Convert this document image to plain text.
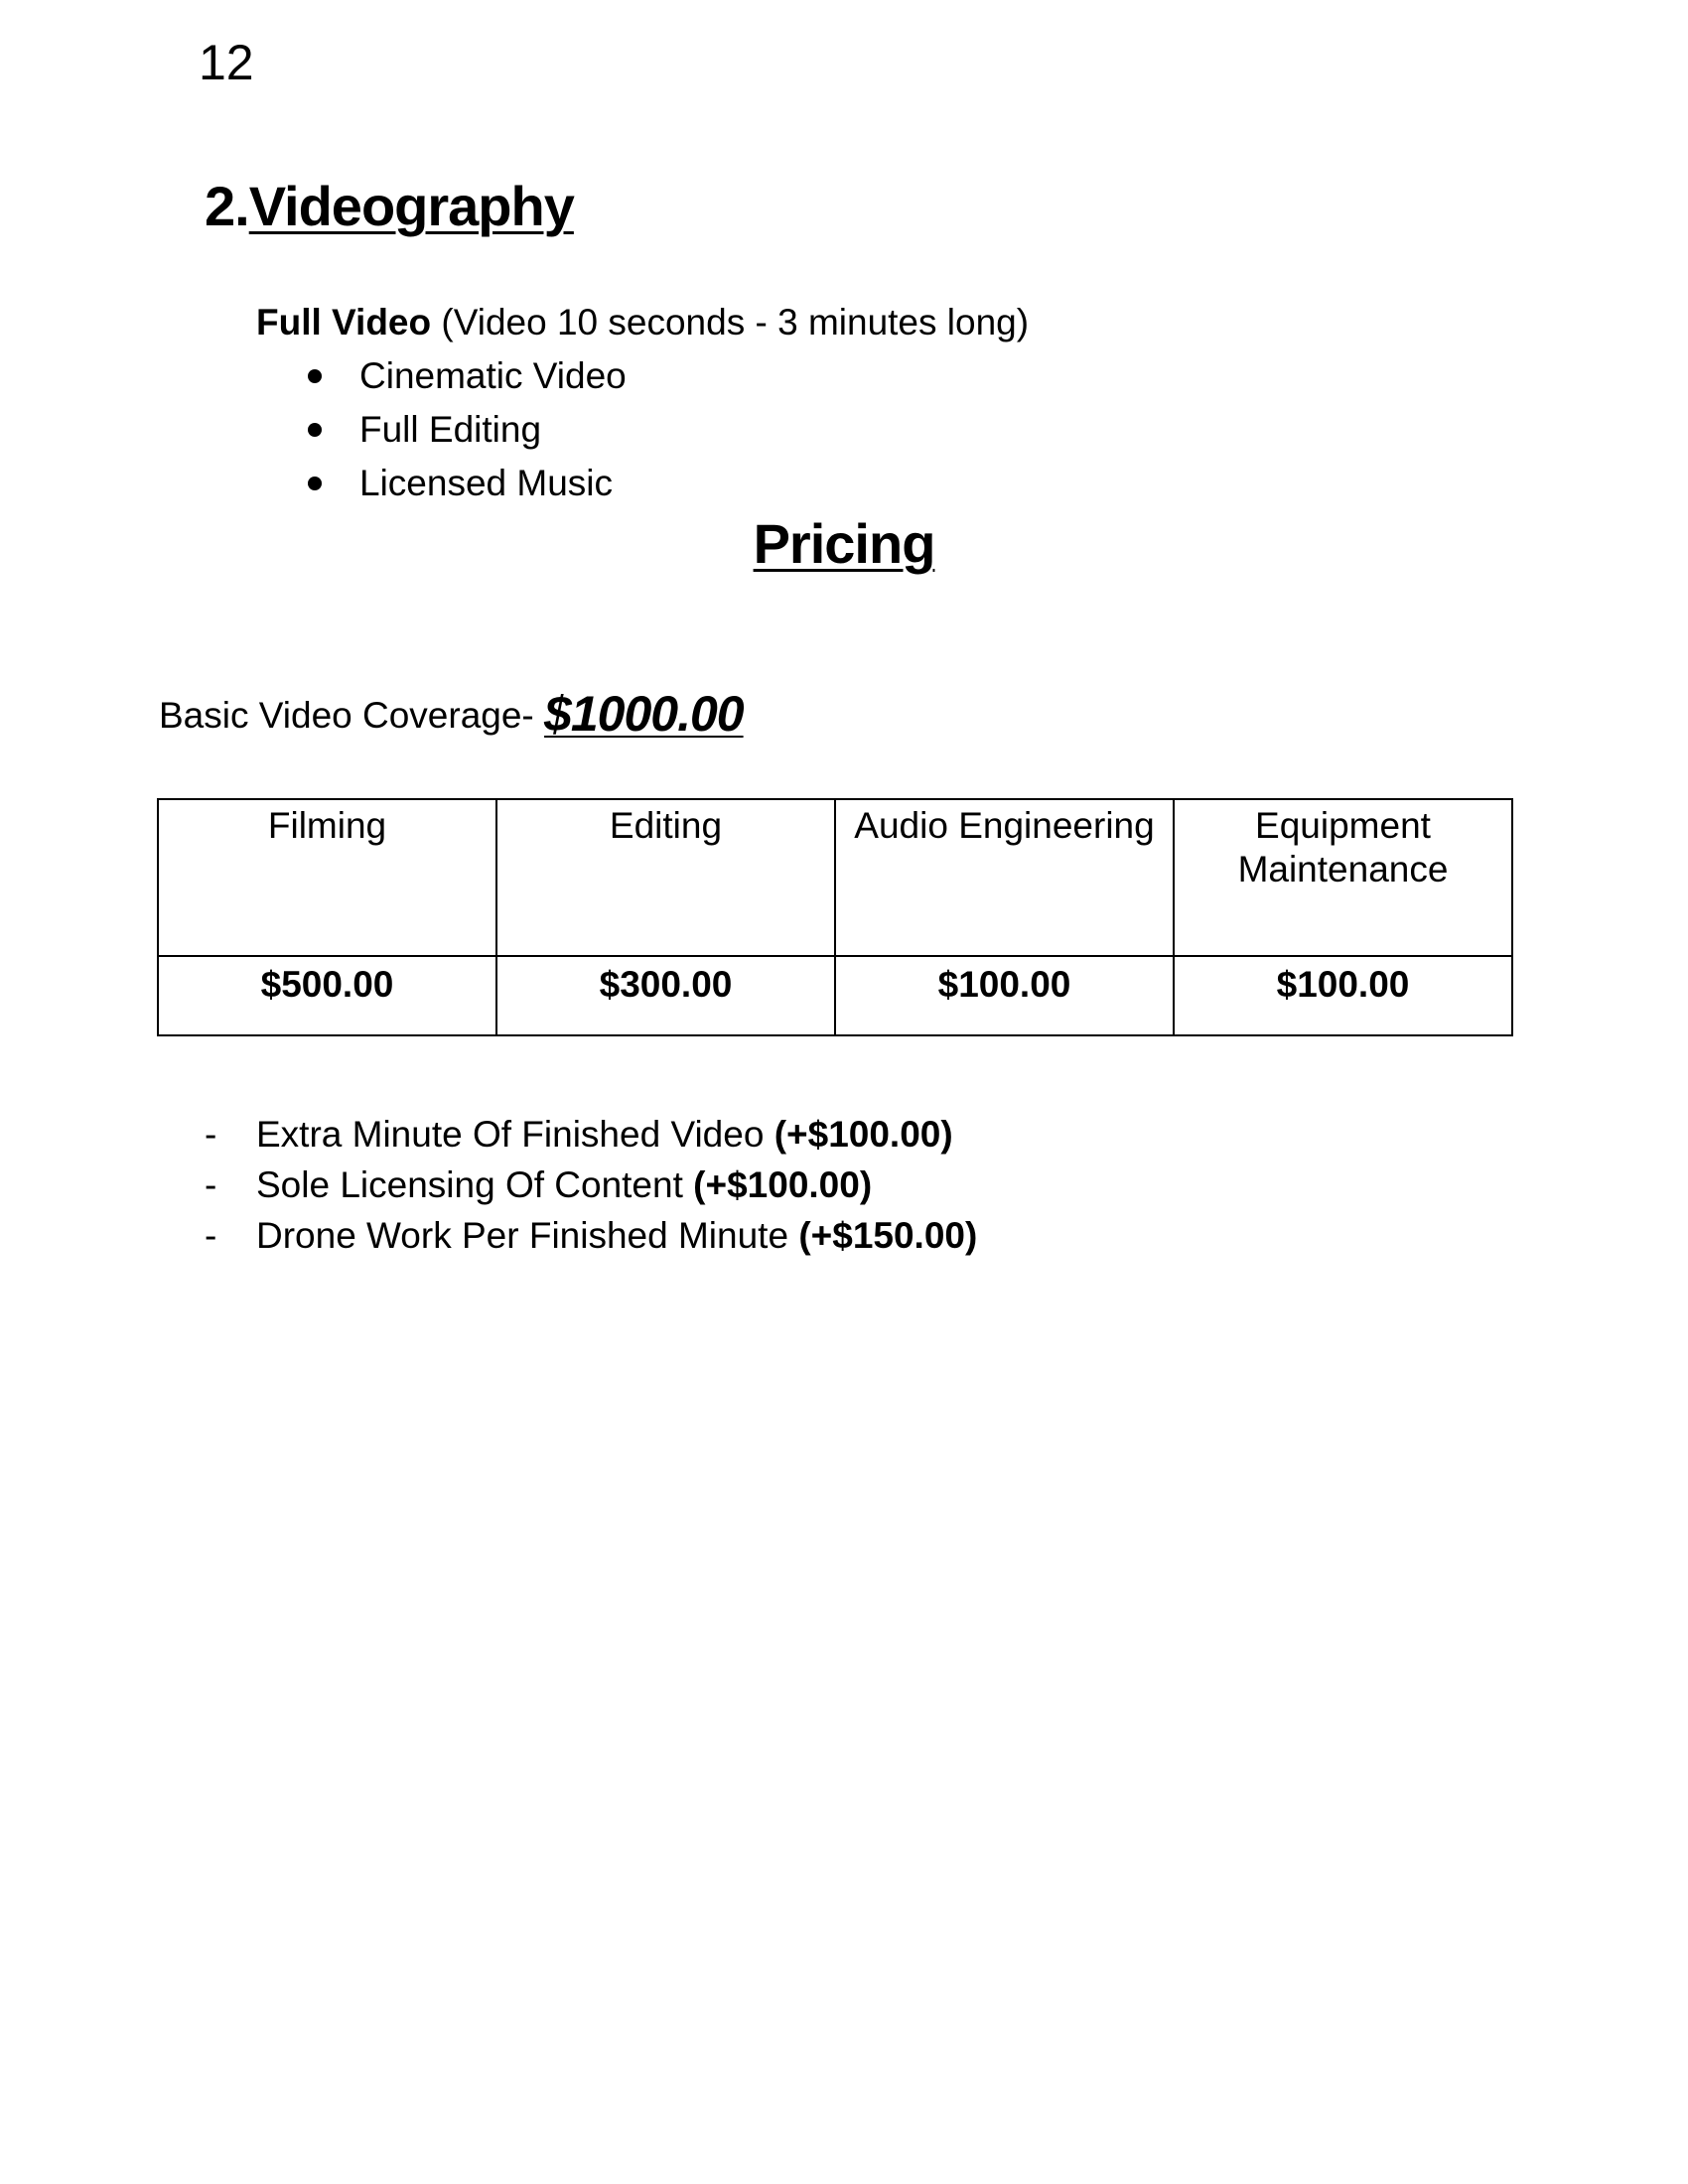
12
2.Videography
Full Video (Video 10 seconds - 3 minutes long)
Cinematic Video
Full Editing
Licensed Music
Pricing
Basic Video Coverage- $1000.00
Filming	Editing	Audio Engineering	Equipment Maintenance
$500.00	$300.00	$100.00	$100.00
- Extra Minute Of Finished Video (+$100.00)
- Sole Licensing Of Content (+$100.00)
- Drone Work Per Finished Minute (+$150.00)
